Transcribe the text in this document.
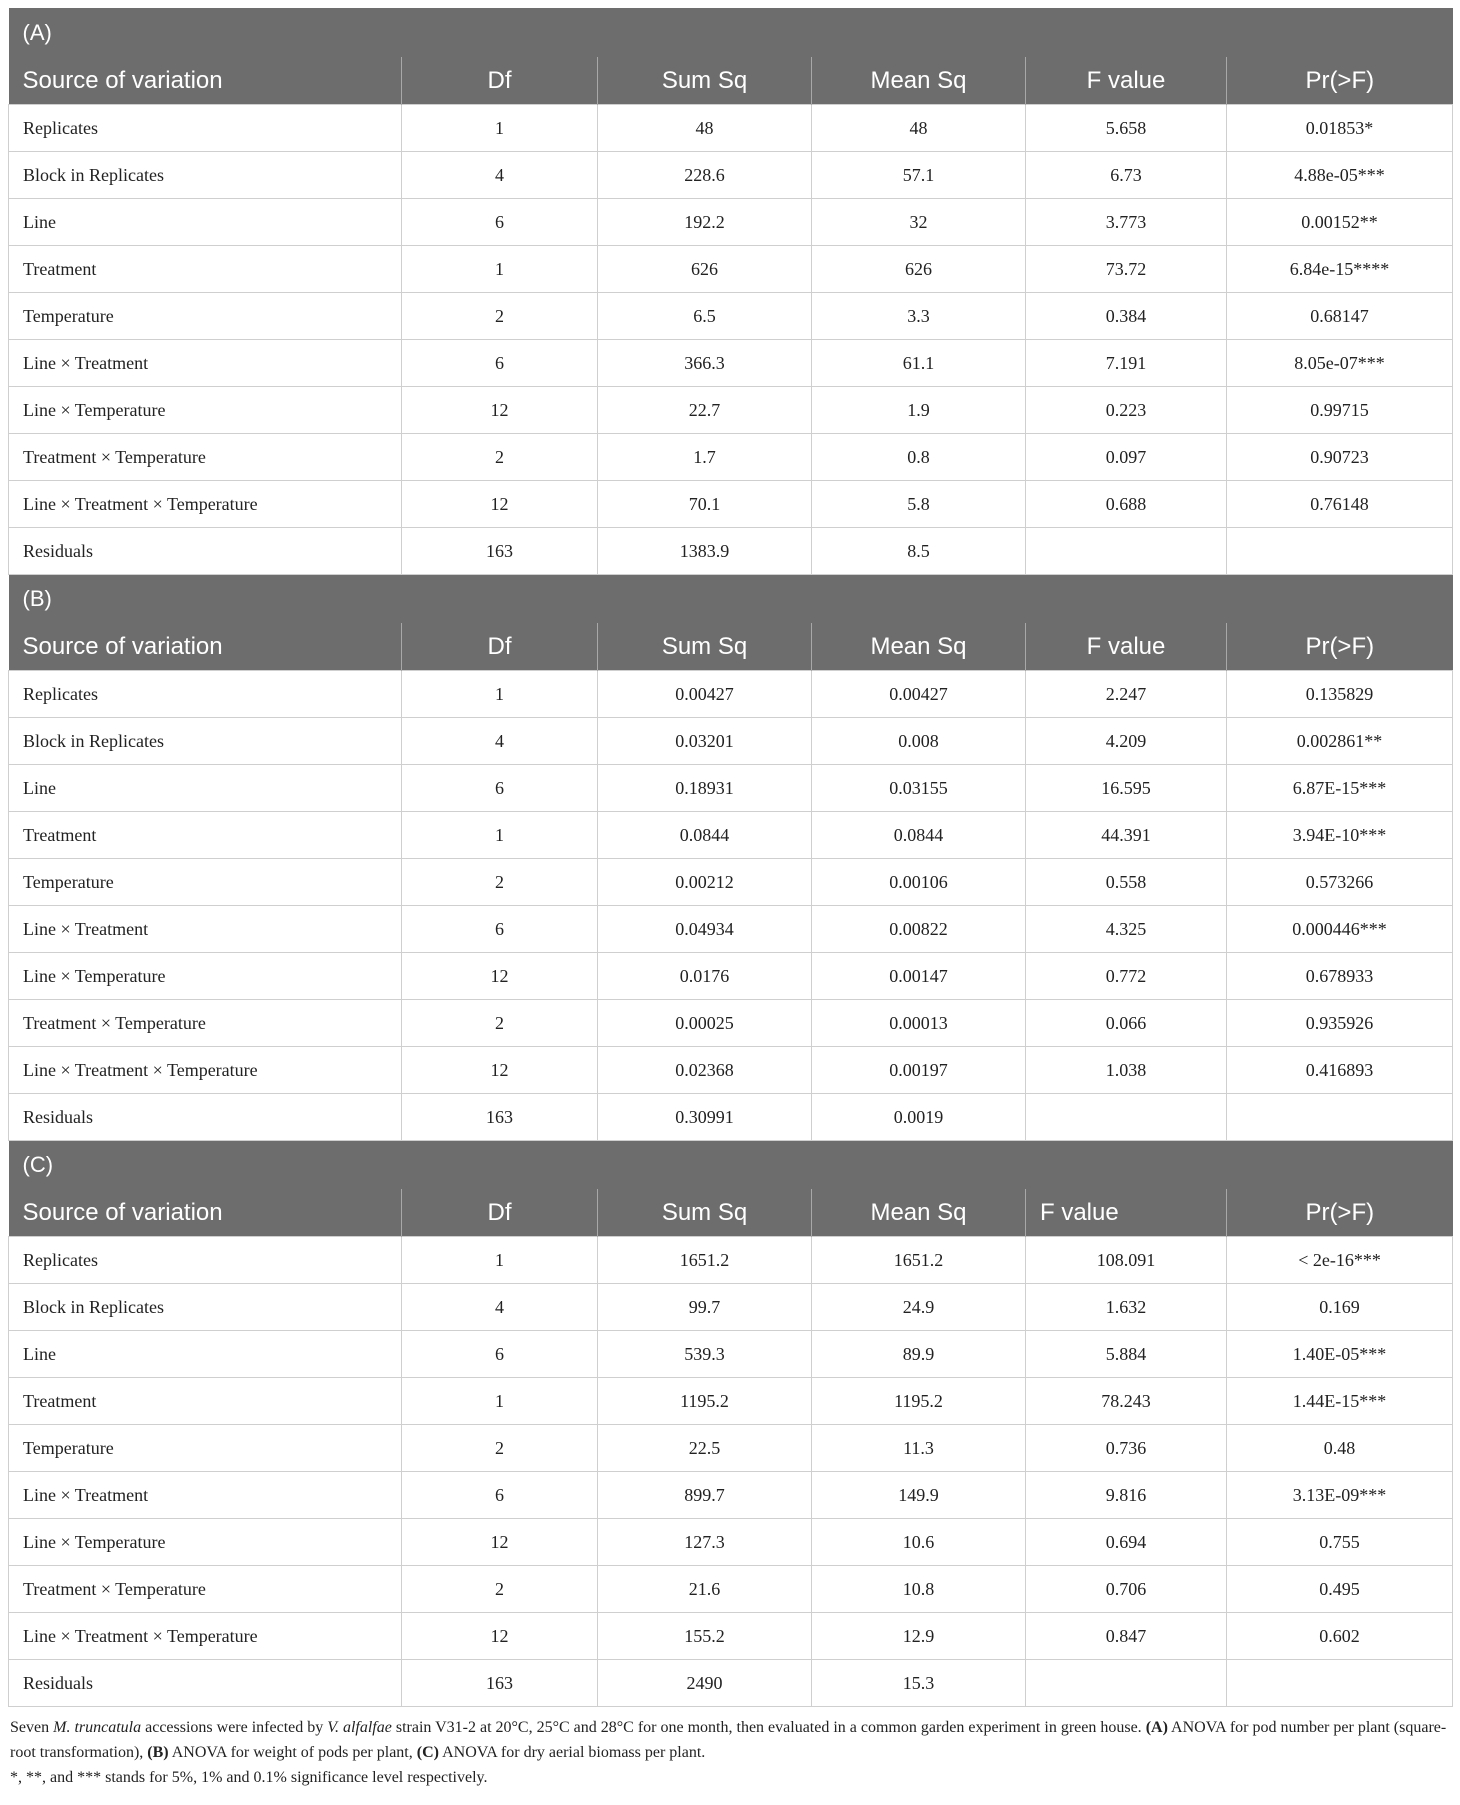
(A)					
Source of variation	Df	Sum Sq	Mean Sq	F value	Pr(>F)
Replicates	1	48	48	5.658	0.01853*
Block in Replicates	4	228.6	57.1	6.73	4.88e-05***
Line	6	192.2	32	3.773	0.00152**
Treatment	1	626	626	73.72	6.84e-15****
Temperature	2	6.5	3.3	0.384	0.68147
Line × Treatment	6	366.3	61.1	7.191	8.05e-07***
Line × Temperature	12	22.7	1.9	0.223	0.99715
Treatment × Temperature	2	1.7	0.8	0.097	0.90723
Line × Treatment × Temperature	12	70.1	5.8	0.688	0.76148
Residuals	163	1383.9	8.5		
(B)					
Source of variation	Df	Sum Sq	Mean Sq	F value	Pr(>F)
Replicates	1	0.00427	0.00427	2.247	0.135829
Block in Replicates	4	0.03201	0.008	4.209	0.002861**
Line	6	0.18931	0.03155	16.595	6.87E-15***
Treatment	1	0.0844	0.0844	44.391	3.94E-10***
Temperature	2	0.00212	0.00106	0.558	0.573266
Line × Treatment	6	0.04934	0.00822	4.325	0.000446***
Line × Temperature	12	0.0176	0.00147	0.772	0.678933
Treatment × Temperature	2	0.00025	0.00013	0.066	0.935926
Line × Treatment × Temperature	12	0.02368	0.00197	1.038	0.416893
Residuals	163	0.30991	0.0019		
(C)					
Source of variation	Df	Sum Sq	Mean Sq	F value	Pr(>F)
Replicates	1	1651.2	1651.2	108.091	< 2e-16***
Block in Replicates	4	99.7	24.9	1.632	0.169
Line	6	539.3	89.9	5.884	1.40E-05***
Treatment	1	1195.2	1195.2	78.243	1.44E-15***
Temperature	2	22.5	11.3	0.736	0.48
Line × Treatment	6	899.7	149.9	9.816	3.13E-09***
Line × Temperature	12	127.3	10.6	0.694	0.755
Treatment × Temperature	2	21.6	10.8	0.706	0.495
Line × Treatment × Temperature	12	155.2	12.9	0.847	0.602
Residuals	163	2490	15.3		

Seven M. truncatula accessions were infected by V. alfalfae strain V31-2 at 20°C, 25°C and 28°C for one month, then evaluated in a common garden experiment in green house. (A) ANOVA for pod number per plant (square-root transformation), (B) ANOVA for weight of pods per plant, (C) ANOVA for dry aerial biomass per plant.

*, **, and *** stands for 5%, 1% and 0.1% significance level respectively.
